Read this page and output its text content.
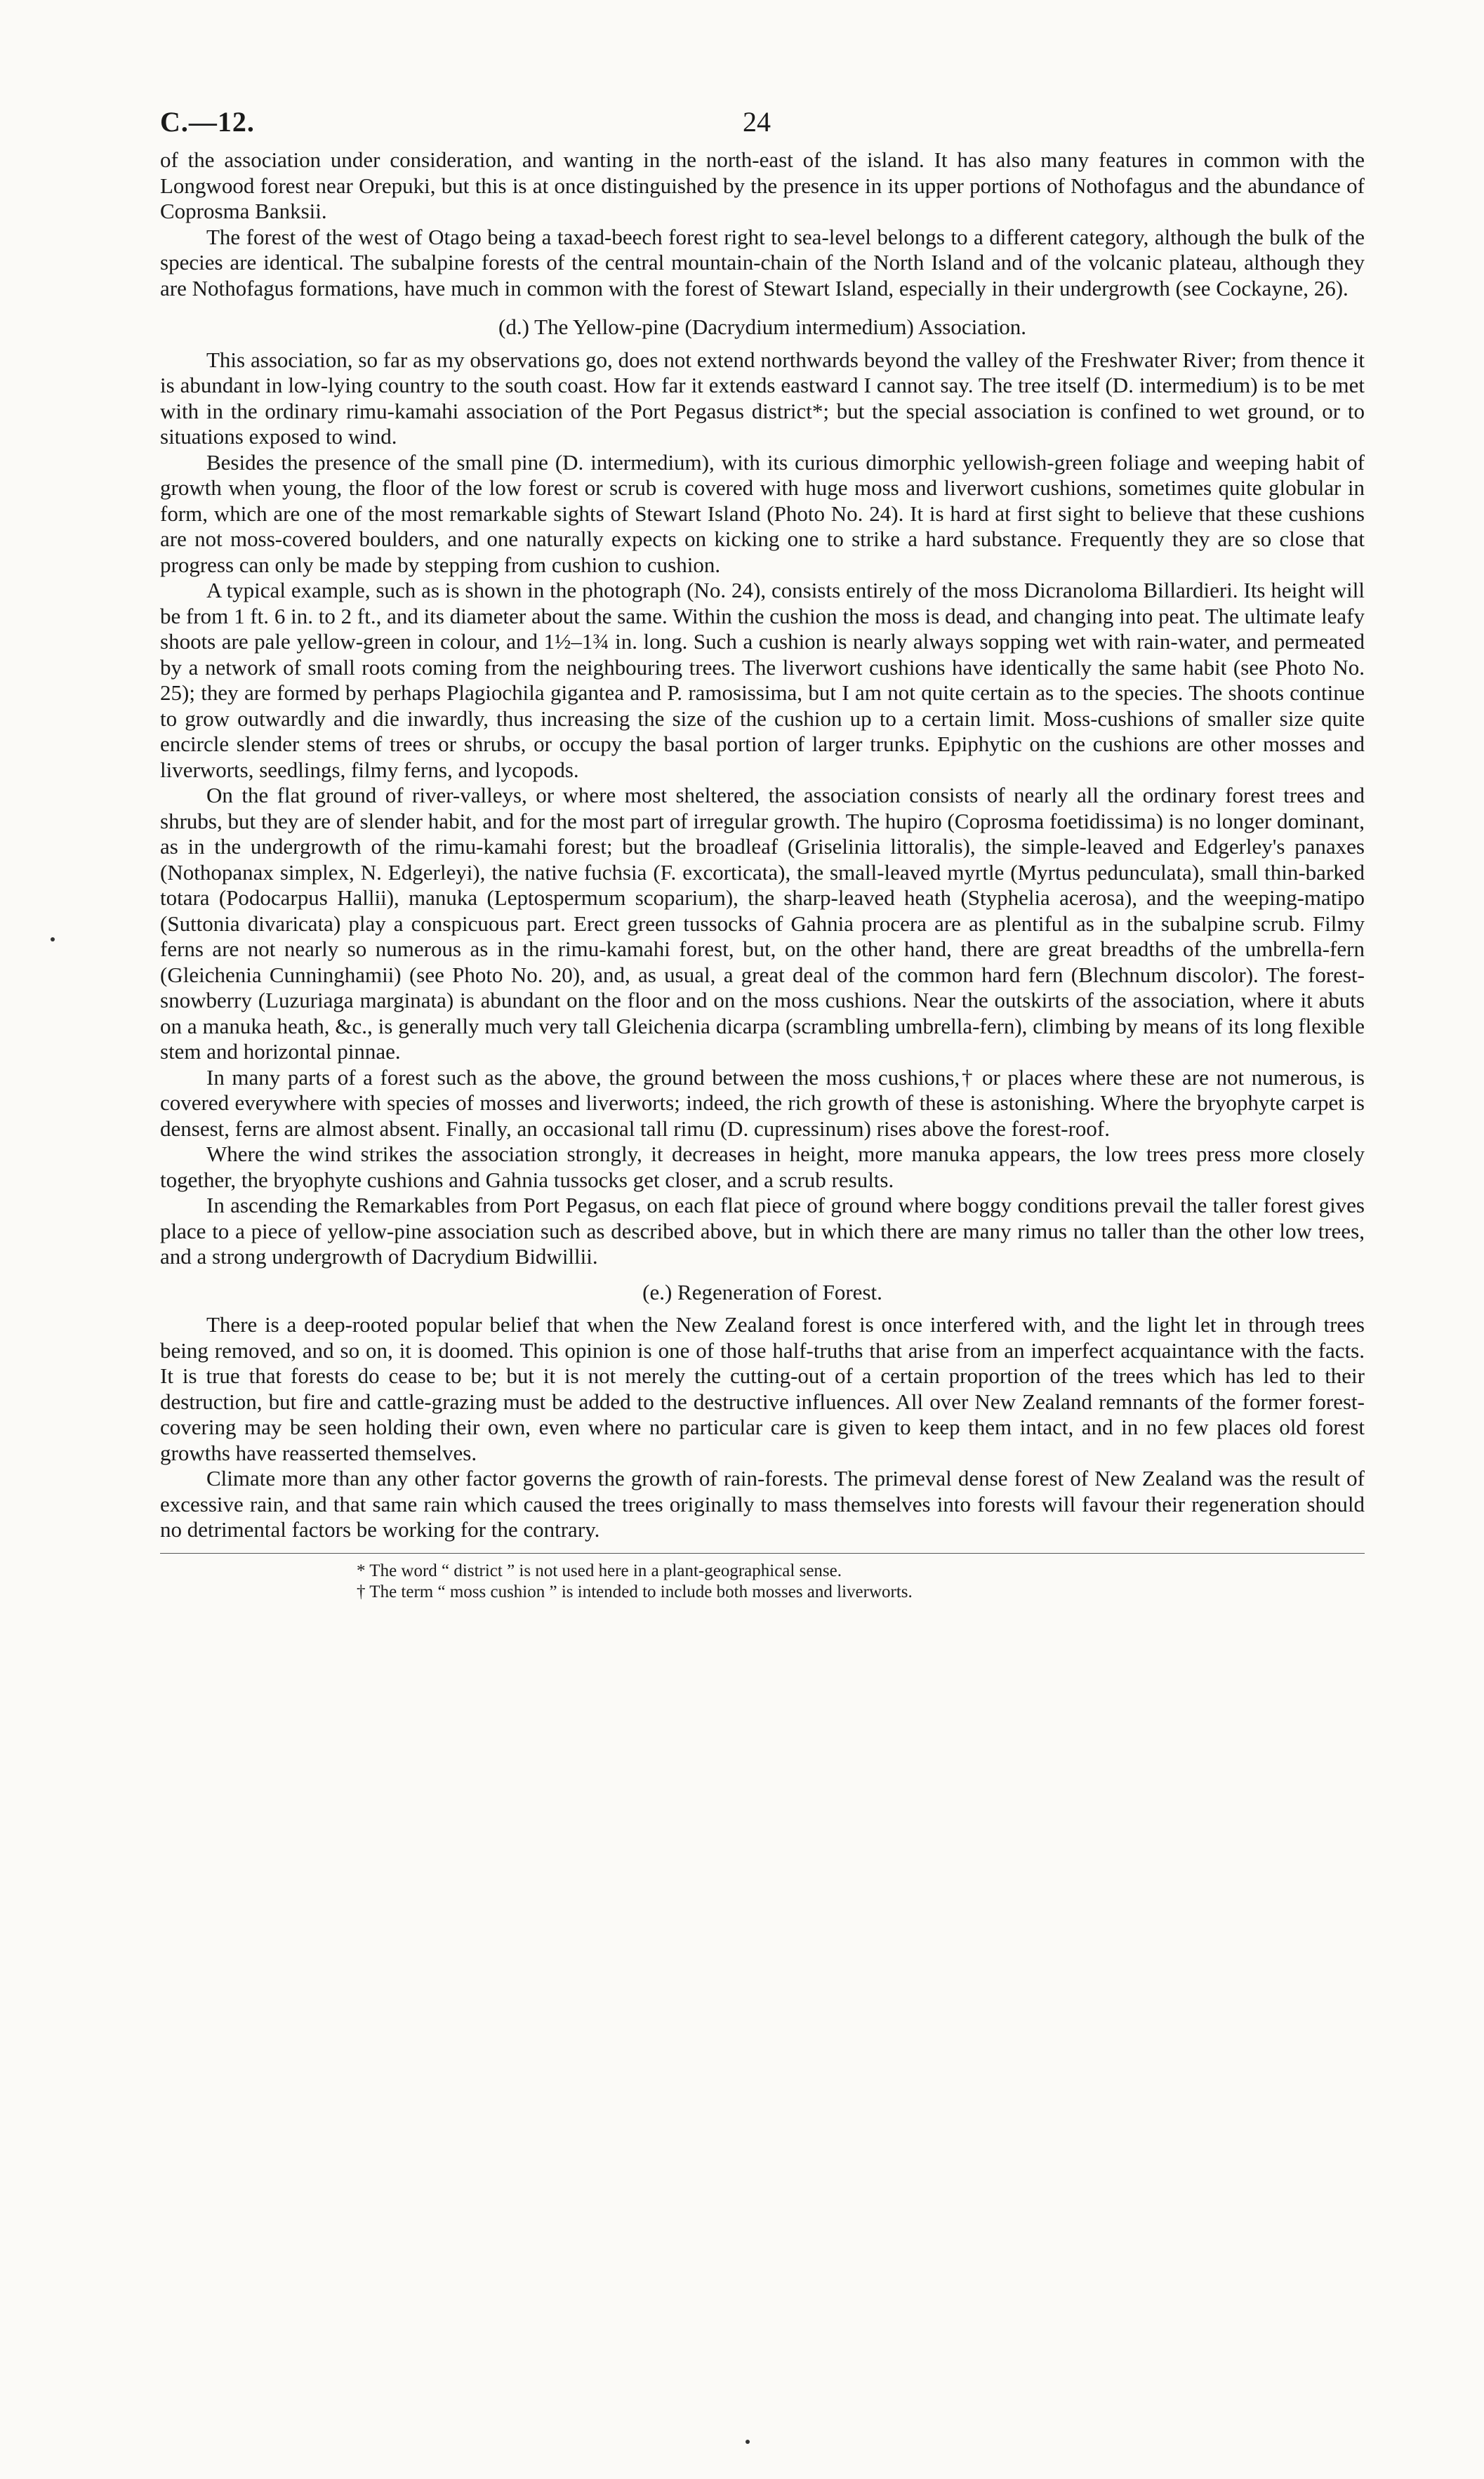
C.—12.	24

of the association under consideration, and wanting in the north-east of the island. It has also many features in common with the Longwood forest near Orepuki, but this is at once distinguished by the presence in its upper portions of Nothofagus and the abundance of Coprosma Banksii.

The forest of the west of Otago being a taxad-beech forest right to sea-level belongs to a different category, although the bulk of the species are identical. The subalpine forests of the central mountain-chain of the North Island and of the volcanic plateau, although they are Nothofagus formations, have much in common with the forest of Stewart Island, especially in their undergrowth (see Cockayne, 26).

(d.) The Yellow-pine (Dacrydium intermedium) Association.

This association, so far as my observations go, does not extend northwards beyond the valley of the Freshwater River; from thence it is abundant in low-lying country to the south coast. How far it extends eastward I cannot say. The tree itself (D. intermedium) is to be met with in the ordinary rimu-kamahi association of the Port Pegasus district*; but the special association is confined to wet ground, or to situations exposed to wind.

Besides the presence of the small pine (D. intermedium), with its curious dimorphic yellowish-green foliage and weeping habit of growth when young, the floor of the low forest or scrub is covered with huge moss and liverwort cushions, sometimes quite globular in form, which are one of the most remarkable sights of Stewart Island (Photo No. 24). It is hard at first sight to believe that these cushions are not moss-covered boulders, and one naturally expects on kicking one to strike a hard substance. Frequently they are so close that progress can only be made by stepping from cushion to cushion.

A typical example, such as is shown in the photograph (No. 24), consists entirely of the moss Dicranoloma Billardieri. Its height will be from 1 ft. 6 in. to 2 ft., and its diameter about the same. Within the cushion the moss is dead, and changing into peat. The ultimate leafy shoots are pale yellow-green in colour, and 1½–1¾ in. long. Such a cushion is nearly always sopping wet with rain-water, and permeated by a network of small roots coming from the neighbouring trees. The liverwort cushions have identically the same habit (see Photo No. 25); they are formed by perhaps Plagiochila gigantea and P. ramosissima, but I am not quite certain as to the species. The shoots continue to grow outwardly and die inwardly, thus increasing the size of the cushion up to a certain limit. Moss-cushions of smaller size quite encircle slender stems of trees or shrubs, or occupy the basal portion of larger trunks. Epiphytic on the cushions are other mosses and liverworts, seedlings, filmy ferns, and lycopods.

On the flat ground of river-valleys, or where most sheltered, the association consists of nearly all the ordinary forest trees and shrubs, but they are of slender habit, and for the most part of irregular growth. The hupiro (Coprosma foetidissima) is no longer dominant, as in the undergrowth of the rimu-kamahi forest; but the broadleaf (Griselinia littoralis), the simple-leaved and Edgerley's panaxes (Nothopanax simplex, N. Edgerleyi), the native fuchsia (F. excorticata), the small-leaved myrtle (Myrtus pedunculata), small thin-barked totara (Podocarpus Hallii), manuka (Leptospermum scoparium), the sharp-leaved heath (Styphelia acerosa), and the weeping-matipo (Suttonia divaricata) play a conspicuous part. Erect green tussocks of Gahnia procera are as plentiful as in the subalpine scrub. Filmy ferns are not nearly so numerous as in the rimu-kamahi forest, but, on the other hand, there are great breadths of the umbrella-fern (Gleichenia Cunninghamii) (see Photo No. 20), and, as usual, a great deal of the common hard fern (Blechnum discolor). The forest-snowberry (Luzuriaga marginata) is abundant on the floor and on the moss cushions. Near the outskirts of the association, where it abuts on a manuka heath, &c., is generally much very tall Gleichenia dicarpa (scrambling umbrella-fern), climbing by means of its long flexible stem and horizontal pinnae.

In many parts of a forest such as the above, the ground between the moss cushions,† or places where these are not numerous, is covered everywhere with species of mosses and liverworts; indeed, the rich growth of these is astonishing. Where the bryophyte carpet is densest, ferns are almost absent. Finally, an occasional tall rimu (D. cupressinum) rises above the forest-roof.

Where the wind strikes the association strongly, it decreases in height, more manuka appears, the low trees press more closely together, the bryophyte cushions and Gahnia tussocks get closer, and a scrub results.

In ascending the Remarkables from Port Pegasus, on each flat piece of ground where boggy conditions prevail the taller forest gives place to a piece of yellow-pine association such as described above, but in which there are many rimus no taller than the other low trees, and a strong undergrowth of Dacrydium Bidwillii.

(e.) Regeneration of Forest.

There is a deep-rooted popular belief that when the New Zealand forest is once interfered with, and the light let in through trees being removed, and so on, it is doomed. This opinion is one of those half-truths that arise from an imperfect acquaintance with the facts. It is true that forests do cease to be; but it is not merely the cutting-out of a certain proportion of the trees which has led to their destruction, but fire and cattle-grazing must be added to the destructive influences. All over New Zealand remnants of the former forest-covering may be seen holding their own, even where no particular care is given to keep them intact, and in no few places old forest growths have reasserted themselves.

Climate more than any other factor governs the growth of rain-forests. The primeval dense forest of New Zealand was the result of excessive rain, and that same rain which caused the trees originally to mass themselves into forests will favour their regeneration should no detrimental factors be working for the contrary.

* The word “ district ” is not used here in a plant-geographical sense.
† The term “ moss cushion ” is intended to include both mosses and liverworts.
